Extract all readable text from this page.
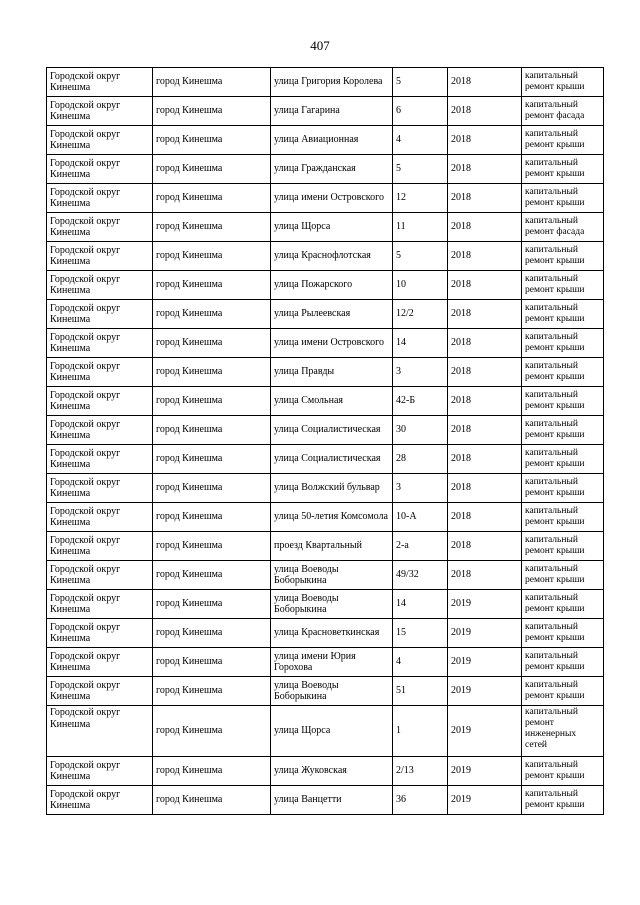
407
Городской округ Кинешма	город Кинешма	улица Григория Королева	5	2018	капитальный ремонт крыши
Городской округ Кинешма	город Кинешма	улица Гагарина	6	2018	капитальный ремонт фасада
Городской округ Кинешма	город Кинешма	улица Авиационная	4	2018	капитальный ремонт крыши
Городской округ Кинешма	город Кинешма	улица Гражданская	5	2018	капитальный ремонт крыши
Городской округ Кинешма	город Кинешма	улица имени Островского	12	2018	капитальный ремонт крыши
Городской округ Кинешма	город Кинешма	улица Щорса	11	2018	капитальный ремонт фасада
Городской округ Кинешма	город Кинешма	улица Краснофлотская	5	2018	капитальный ремонт крыши
Городской округ Кинешма	город Кинешма	улица Пожарского	10	2018	капитальный ремонт крыши
Городской округ Кинешма	город Кинешма	улица Рылеевская	12/2	2018	капитальный ремонт крыши
Городской округ Кинешма	город Кинешма	улица имени Островского	14	2018	капитальный ремонт крыши
Городской округ Кинешма	город Кинешма	улица Правды	3	2018	капитальный ремонт крыши
Городской округ Кинешма	город Кинешма	улица Смольная	42-Б	2018	капитальный ремонт крыши
Городской округ Кинешма	город Кинешма	улица Социалистическая	30	2018	капитальный ремонт крыши
Городской округ Кинешма	город Кинешма	улица Социалистическая	28	2018	капитальный ремонт крыши
Городской округ Кинешма	город Кинешма	улица Волжский бульвар	3	2018	капитальный ремонт крыши
Городской округ Кинешма	город Кинешма	улица 50-летия Комсомола	10-А	2018	капитальный ремонт крыши
Городской округ Кинешма	город Кинешма	проезд Квартальный	2-а	2018	капитальный ремонт крыши
Городской округ Кинешма	город Кинешма	улица Воеводы Боборыкина	49/32	2018	капитальный ремонт крыши
Городской округ Кинешма	город Кинешма	улица Воеводы Боборыкина	14	2019	капитальный ремонт крыши
Городской округ Кинешма	город Кинешма	улица Красноветкинская	15	2019	капитальный ремонт крыши
Городской округ Кинешма	город Кинешма	улица имени Юрия Горохова	4	2019	капитальный ремонт крыши
Городской округ Кинешма	город Кинешма	улица Воеводы Боборыкина	51	2019	капитальный ремонт крыши
Городской округ Кинешма	город Кинешма	улица Щорса	1	2019	капитальный ремонт инженерных сетей
Городской округ Кинешма	город Кинешма	улица Жуковская	2/13	2019	капитальный ремонт крыши
Городской округ Кинешма	город Кинешма	улица Ванцетти	36	2019	капитальный ремонт крыши
